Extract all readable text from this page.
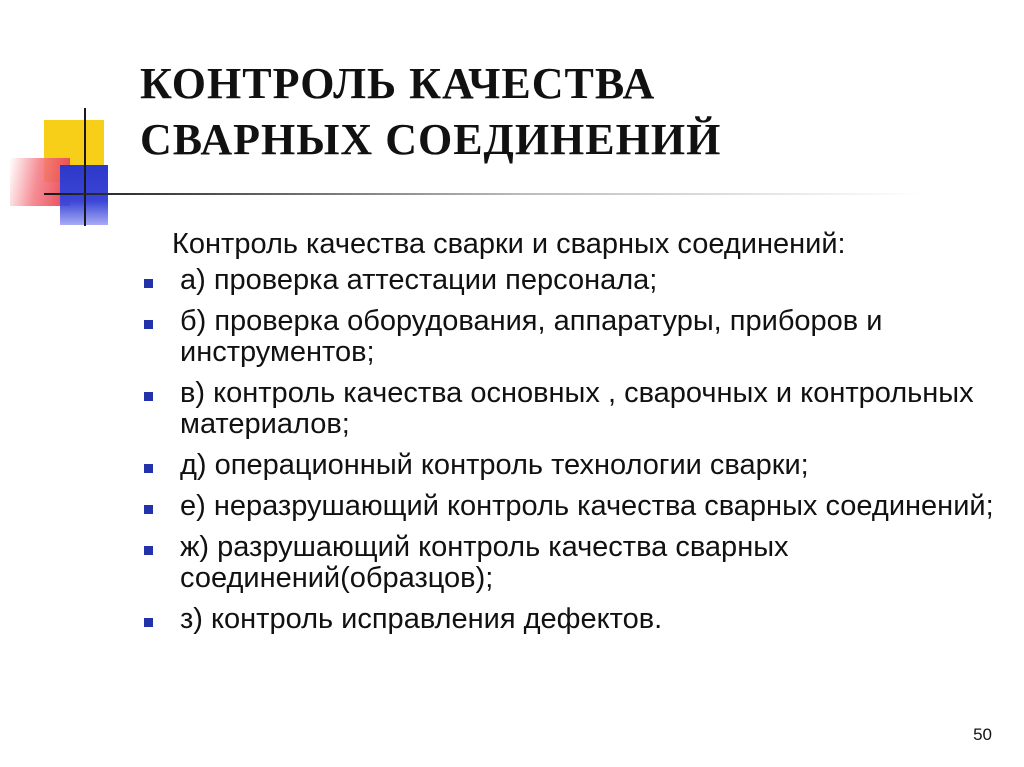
КОНТРОЛЬ КАЧЕСТВА
СВАРНЫХ СОЕДИНЕНИЙ

Контроль качества сварки и сварных соединений:

а) проверка аттестации персонала;
б) проверка оборудования, аппаратуры, приборов и инструментов;
в) контроль качества основных , сварочных и контрольных материалов;
д) операционный контроль технологии сварки;
е) неразрушающий контроль качества сварных соединений;
ж) разрушающий контроль качества сварных соединений(образцов);
з) контроль исправления дефектов.
50
